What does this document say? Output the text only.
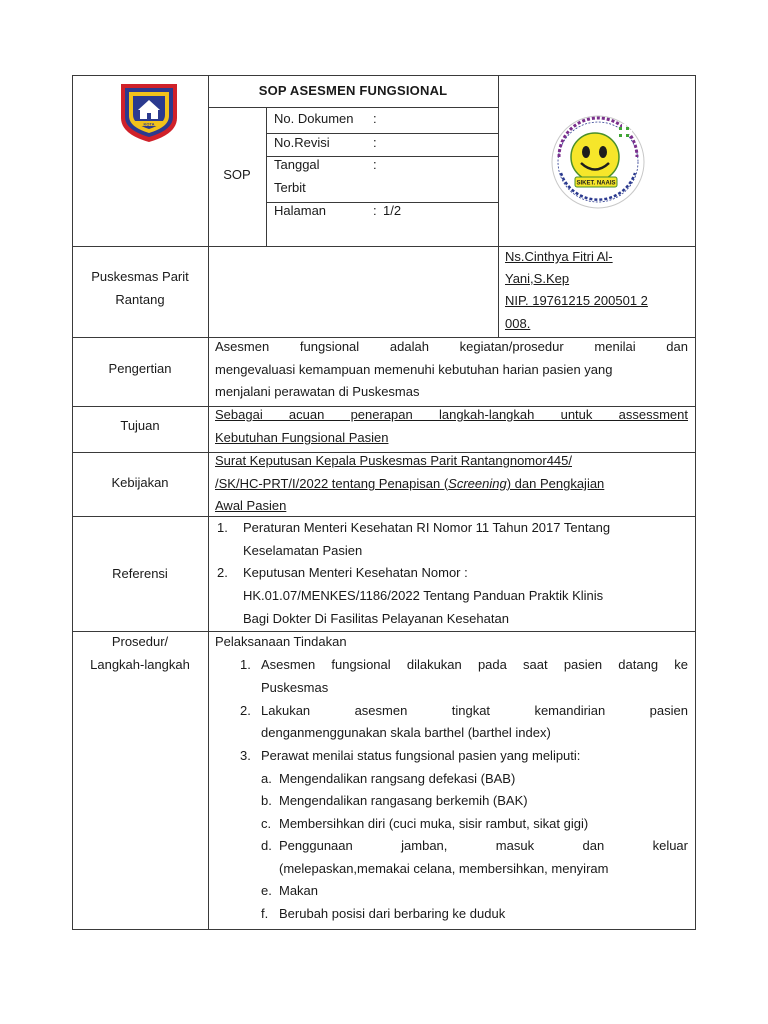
SOP ASESMEN FUNGSIONAL
SOP
No. Dokumen :
No.Revisi	:
Tanggal
Terbit
:
Halaman	: 1/2
KOTA
SIKET. NAAIS
Puskesmas Parit
Rantang
Ns.Cinthya Fitri Al-
Yani,S.Kep
NIP. 19761215 200501 2
008.
Pengertian
Asesmen fungsional adalah kegiatan/prosedur menilai dan
mengevaluasi kemampuan memenuhi kebutuhan harian pasien yang
menjalani perawatan di Puskesmas
Tujuan
Sebagai acuan penerapan langkah-langkah untuk assessment
Kebutuhan Fungsional Pasien
Kebijakan
Surat Keputusan Kepala Puskesmas Parit Rantangnomor445/
/SK/HC-PRT/I/2022 tentang Penapisan (Screening) dan Pengkajian
Awal Pasien
Referensi
1. Peraturan Menteri Kesehatan RI Nomor 11 Tahun 2017 Tentang
Keselamatan Pasien
2. Keputusan Menteri Kesehatan Nomor :
HK.01.07/MENKES/1186/2022 Tentang Panduan Praktik Klinis
Bagi Dokter Di Fasilitas Pelayanan Kesehatan
Prosedur/
Langkah-langkah
Pelaksanaan Tindakan
1. Asesmen fungsional dilakukan pada saat pasien datang ke
Puskesmas
2. Lakukan asesmen tingkat kemandirian pasien
denganmenggunakan skala barthel (barthel index)
3. Perawat menilai status fungsional pasien yang meliputi:
a. Mengendalikan rangsang defekasi (BAB)
b. Mengendalikan rangasang berkemih (BAK)
c. Membersihkan diri (cuci muka, sisir rambut, sikat gigi)
d. Penggunaan jamban, masuk dan keluar
(melepaskan,memakai celana, membersihkan, menyiram
e. Makan
f. Berubah posisi dari berbaring ke duduk
